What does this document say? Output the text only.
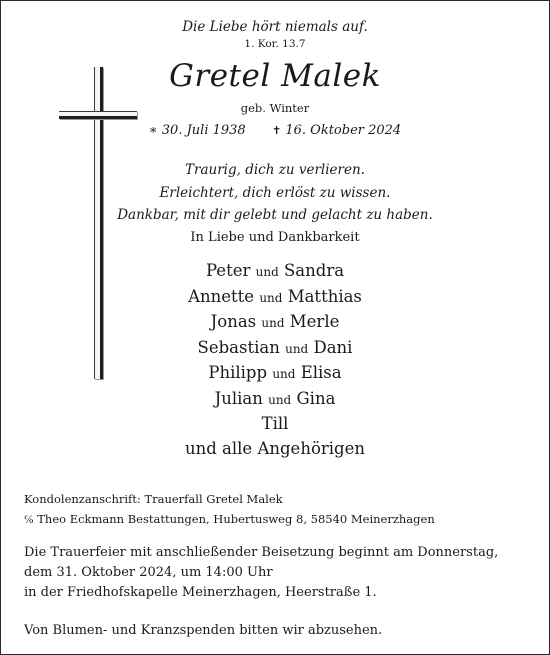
Die Liebe hört niemals auf.
1. Kor. 13.7
Gretel Malek
geb. Winter
∗ 30. Juli 1938 ✝ 16. Oktober 2024
Traurig, dich zu verlieren.
Erleichtert, dich erlöst zu wissen.
Dankbar, mit dir gelebt und gelacht zu haben.
In Liebe und Dankbarkeit
Peter und Sandra
Annette und Matthias
Jonas und Merle
Sebastian und Dani
Philipp und Elisa
Julian und Gina
Till
und alle Angehörigen
Kondolenzanschrift: Trauerfall Gretel Malek
℅ Theo Eckmann Bestattungen, Hubertusweg 8, 58540 Meinerzhagen
Die Trauerfeier mit anschließender Beisetzung beginnt am Donnerstag,
dem 31. Oktober 2024, um 14:00 Uhr
in der Friedhofskapelle Meinerzhagen, Heerstraße 1.
Von Blumen- und Kranzspenden bitten wir abzusehen.
